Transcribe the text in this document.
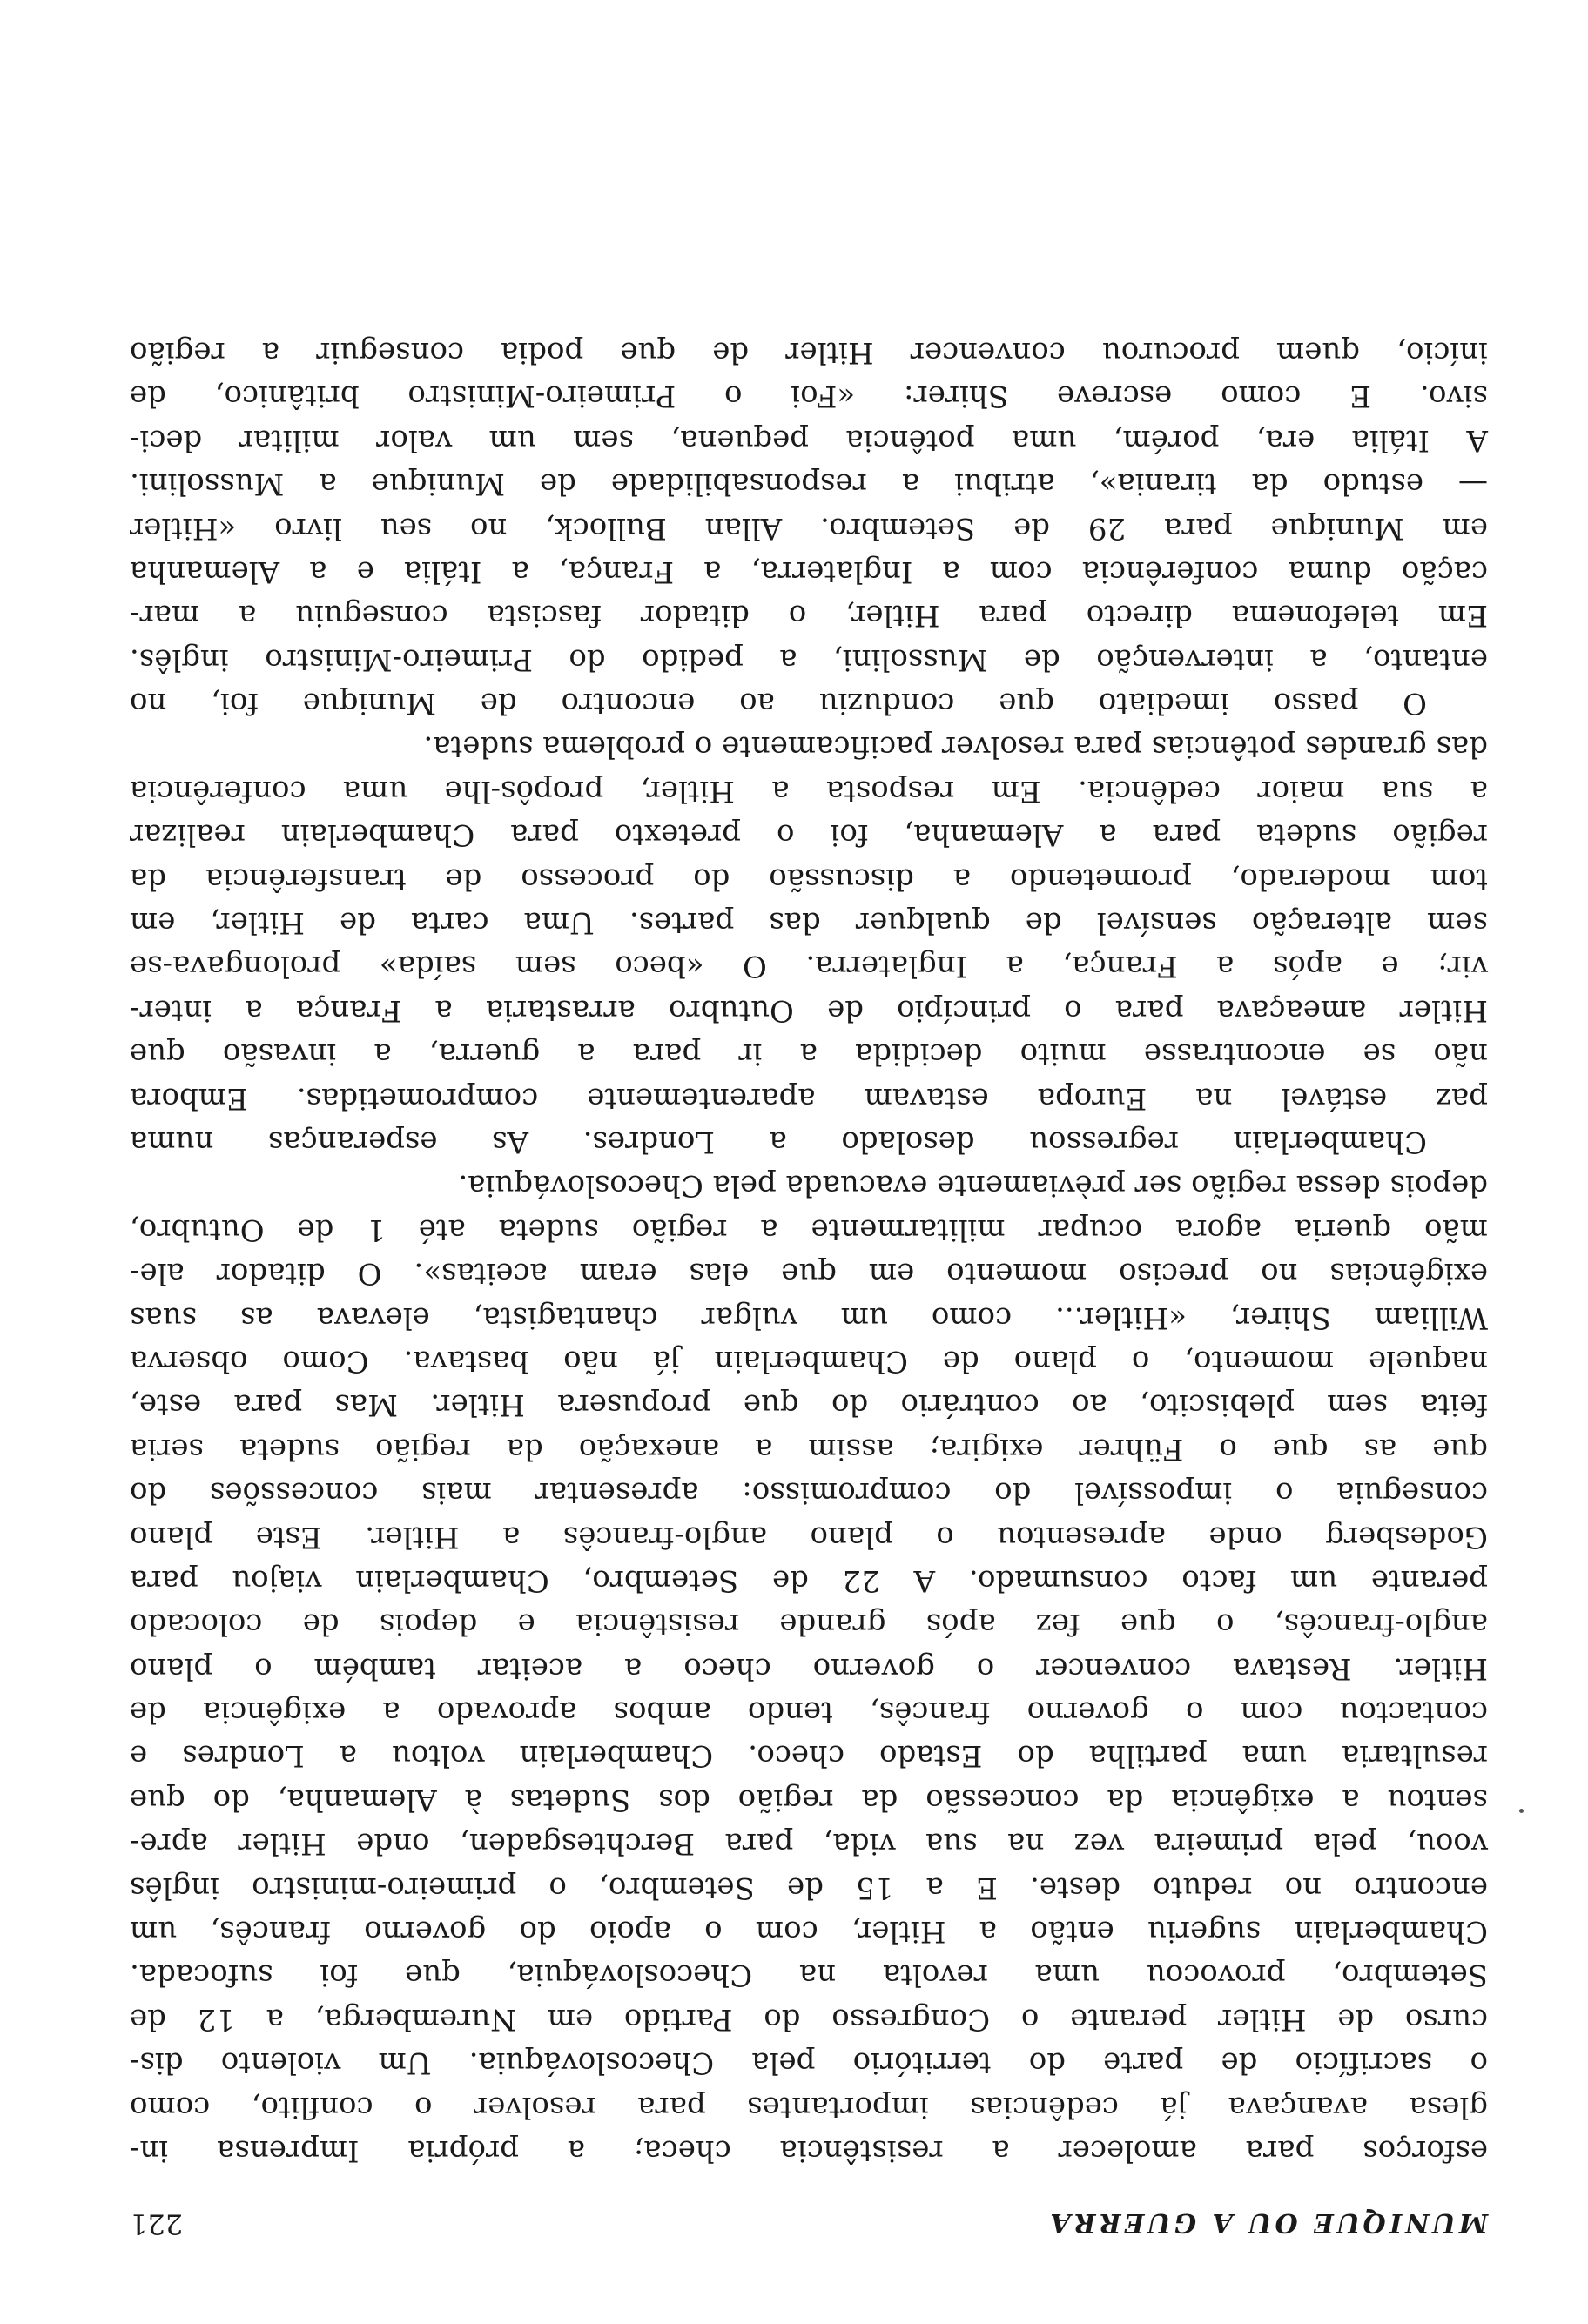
MUNIQUE OU A GUERRA
221
esforços para amolecer a resistência checa; a própria Imprensa in-
glesa avançava já cedências importantes para resolver o conflito, como
o sacrifício de parte do território pela Checoslováquia. Um violento dis-
curso de Hitler perante o Congresso do Partido em Nuremberga, a 12 de
Setembro, provocou uma revolta na Checoslováquia, que foi sufocada.
Chamberlain sugeriu então a Hitler, com o apoio do governo francês, um
encontro no reduto deste. E a 15 de Setembro, o primeiro-ministro inglês
voou, pela primeira vez na sua vida, para Berchtesgaden, onde Hitler apre-
sentou a exigência da concessão da região dos Sudetas à Alemanha, do que
resultaria uma partilha do Estado checo. Chamberlain voltou a Londres e
contactou com o governo francês, tendo ambos aprovado a exigência de
Hitler. Restava convencer o governo checo a aceitar também o plano
anglo-francês, o que fez após grande resistência e depois de colocado
perante um facto consumado. A 22 de Setembro, Chamberlain viajou para
Godesberg onde apresentou o plano anglo-francês a Hitler. Este plano
conseguia o impossível do compromisso: apresentar mais concessões do
que as que o Führer exigira; assim a anexação da região sudeta seria
feita sem plebiscito, ao contrário do que propusera Hitler. Mas para este,
naquele momento, o plano de Chamberlain já não bastava. Como observa
William Shirer, «Hitler... como um vulgar chantagista, elevava as suas
exigências no preciso momento em que elas eram aceitas». O ditador ale-
mão queria agora ocupar militarmente a região sudeta até 1 de Outubro,
depois dessa região ser prèviamente evacuada pela Checoslováquia.
Chamberlain regressou desolado a Londres. As esperanças numa
paz estável na Europa estavam aparentemente comprometidas. Embora
não se encontrasse muito decidida a ir para a guerra, a invasão que
Hitler ameaçava para o princípio de Outubro arrastaria a França a inter-
vir; e após a França, a Inglaterra. O «beco sem saída» prolongava-se
sem alteração sensível de qualquer das partes. Uma carta de Hitler, em
tom moderado, prometendo a discussão do processo de transferência da
região sudeta para a Alemanha, foi o pretexto para Chamberlain realizar
a sua maior cedência. Em resposta a Hitler, propôs-lhe uma conferência
das grandes potências para resolver pacificamente o problema sudeta.
O passo imediato que conduziu ao encontro de Munique foi, no
entanto, a intervenção de Mussolini, a pedido do Primeiro-Ministro inglês.
Em telefonema directo para Hitler, o ditador fascista conseguiu a mar-
cação duma conferência com a Inglaterra, a França, a Itália e a Alemanha
em Munique para 29 de Setembro. Allan Bullock, no seu livro «Hitler
— estudo da tirania», atribui a responsabilidade de Munique a Mussolini.
A Itália era, porém, uma potência pequena, sem um valor militar deci-
sivo. E como escreve Shirer: «Foi o Primeiro-Ministro britânico, de
início, quem procurou convencer Hitler de que podia conseguir a região
